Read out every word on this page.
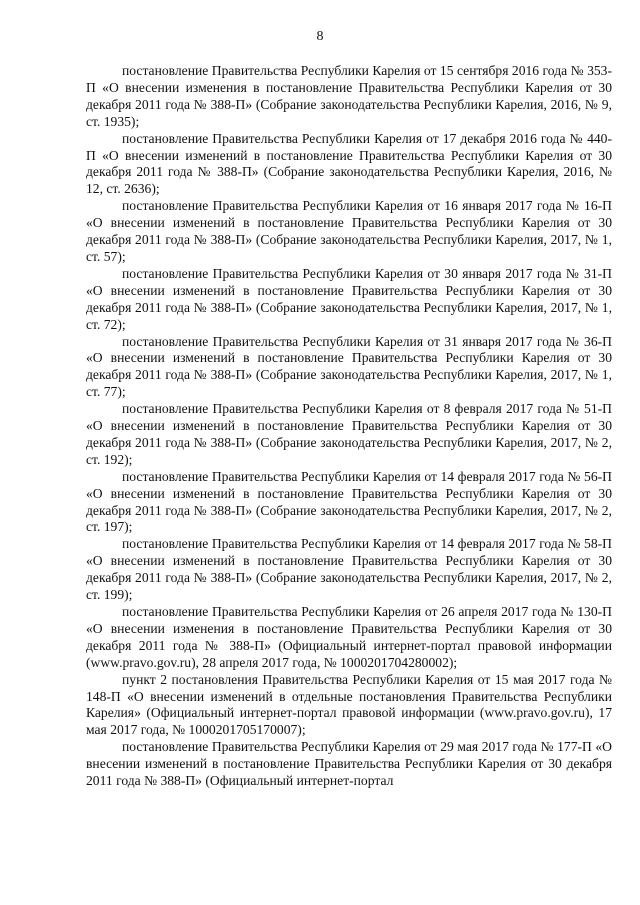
8

постановление Правительства Республики Карелия от 15 сентября 2016 года № 353-П «О внесении изменения в постановление Правительства Республики Карелия от 30 декабря 2011 года № 388-П» (Собрание законодательства Республики Карелия, 2016, № 9, ст. 1935);

постановление Правительства Республики Карелия от 17 декабря 2016 года № 440-П «О внесении изменений в постановление Правительства Республики Карелия от 30 декабря 2011 года № 388-П» (Собрание законодательства Республики Карелия, 2016, № 12, ст. 2636);

постановление Правительства Республики Карелия от 16 января 2017 года № 16-П «О внесении изменений в постановление Правительства Республики Карелия от 30 декабря 2011 года № 388-П» (Собрание законодательства Республики Карелия, 2017, № 1, ст. 57);

постановление Правительства Республики Карелия от 30 января 2017 года № 31-П «О внесении изменений в постановление Правительства Республики Карелия от 30 декабря 2011 года № 388-П» (Собрание законодательства Республики Карелия, 2017, № 1, ст. 72);

постановление Правительства Республики Карелия от 31 января 2017 года № 36-П «О внесении изменений в постановление Правительства Республики Карелия от 30 декабря 2011 года № 388-П» (Собрание законодательства Республики Карелия, 2017, № 1, ст. 77);

постановление Правительства Республики Карелия от 8 февраля 2017 года № 51-П «О внесении изменений в постановление Правительства Республики Карелия от 30 декабря 2011 года № 388-П» (Собрание законодательства Республики Карелия, 2017, № 2, ст. 192);

постановление Правительства Республики Карелия от 14 февраля 2017 года № 56-П «О внесении изменений в постановление Правительства Республики Карелия от 30 декабря 2011 года № 388-П» (Собрание законодательства Республики Карелия, 2017, № 2, ст. 197);

постановление Правительства Республики Карелия от 14 февраля 2017 года № 58-П «О внесении изменений в постановление Правительства Республики Карелия от 30 декабря 2011 года № 388-П» (Собрание законодательства Республики Карелия, 2017, № 2, ст. 199);

постановление Правительства Республики Карелия от 26 апреля 2017 года № 130-П «О внесении изменения в постановление Правительства Республики Карелия от 30 декабря 2011 года № 388-П» (Официальный интернет-портал правовой информации (www.pravo.gov.ru), 28 апреля 2017 года, № 1000201704280002);

пункт 2 постановления Правительства Республики Карелия от 15 мая 2017 года № 148-П «О внесении изменений в отдельные постановления Правительства Республики Карелия» (Официальный интернет-портал правовой информации (www.pravo.gov.ru), 17 мая 2017 года, № 1000201705170007);

постановление Правительства Республики Карелия от 29 мая 2017 года № 177-П «О внесении изменений в постановление Правительства Республики Карелия от 30 декабря 2011 года № 388-П» (Официальный интернет-портал
